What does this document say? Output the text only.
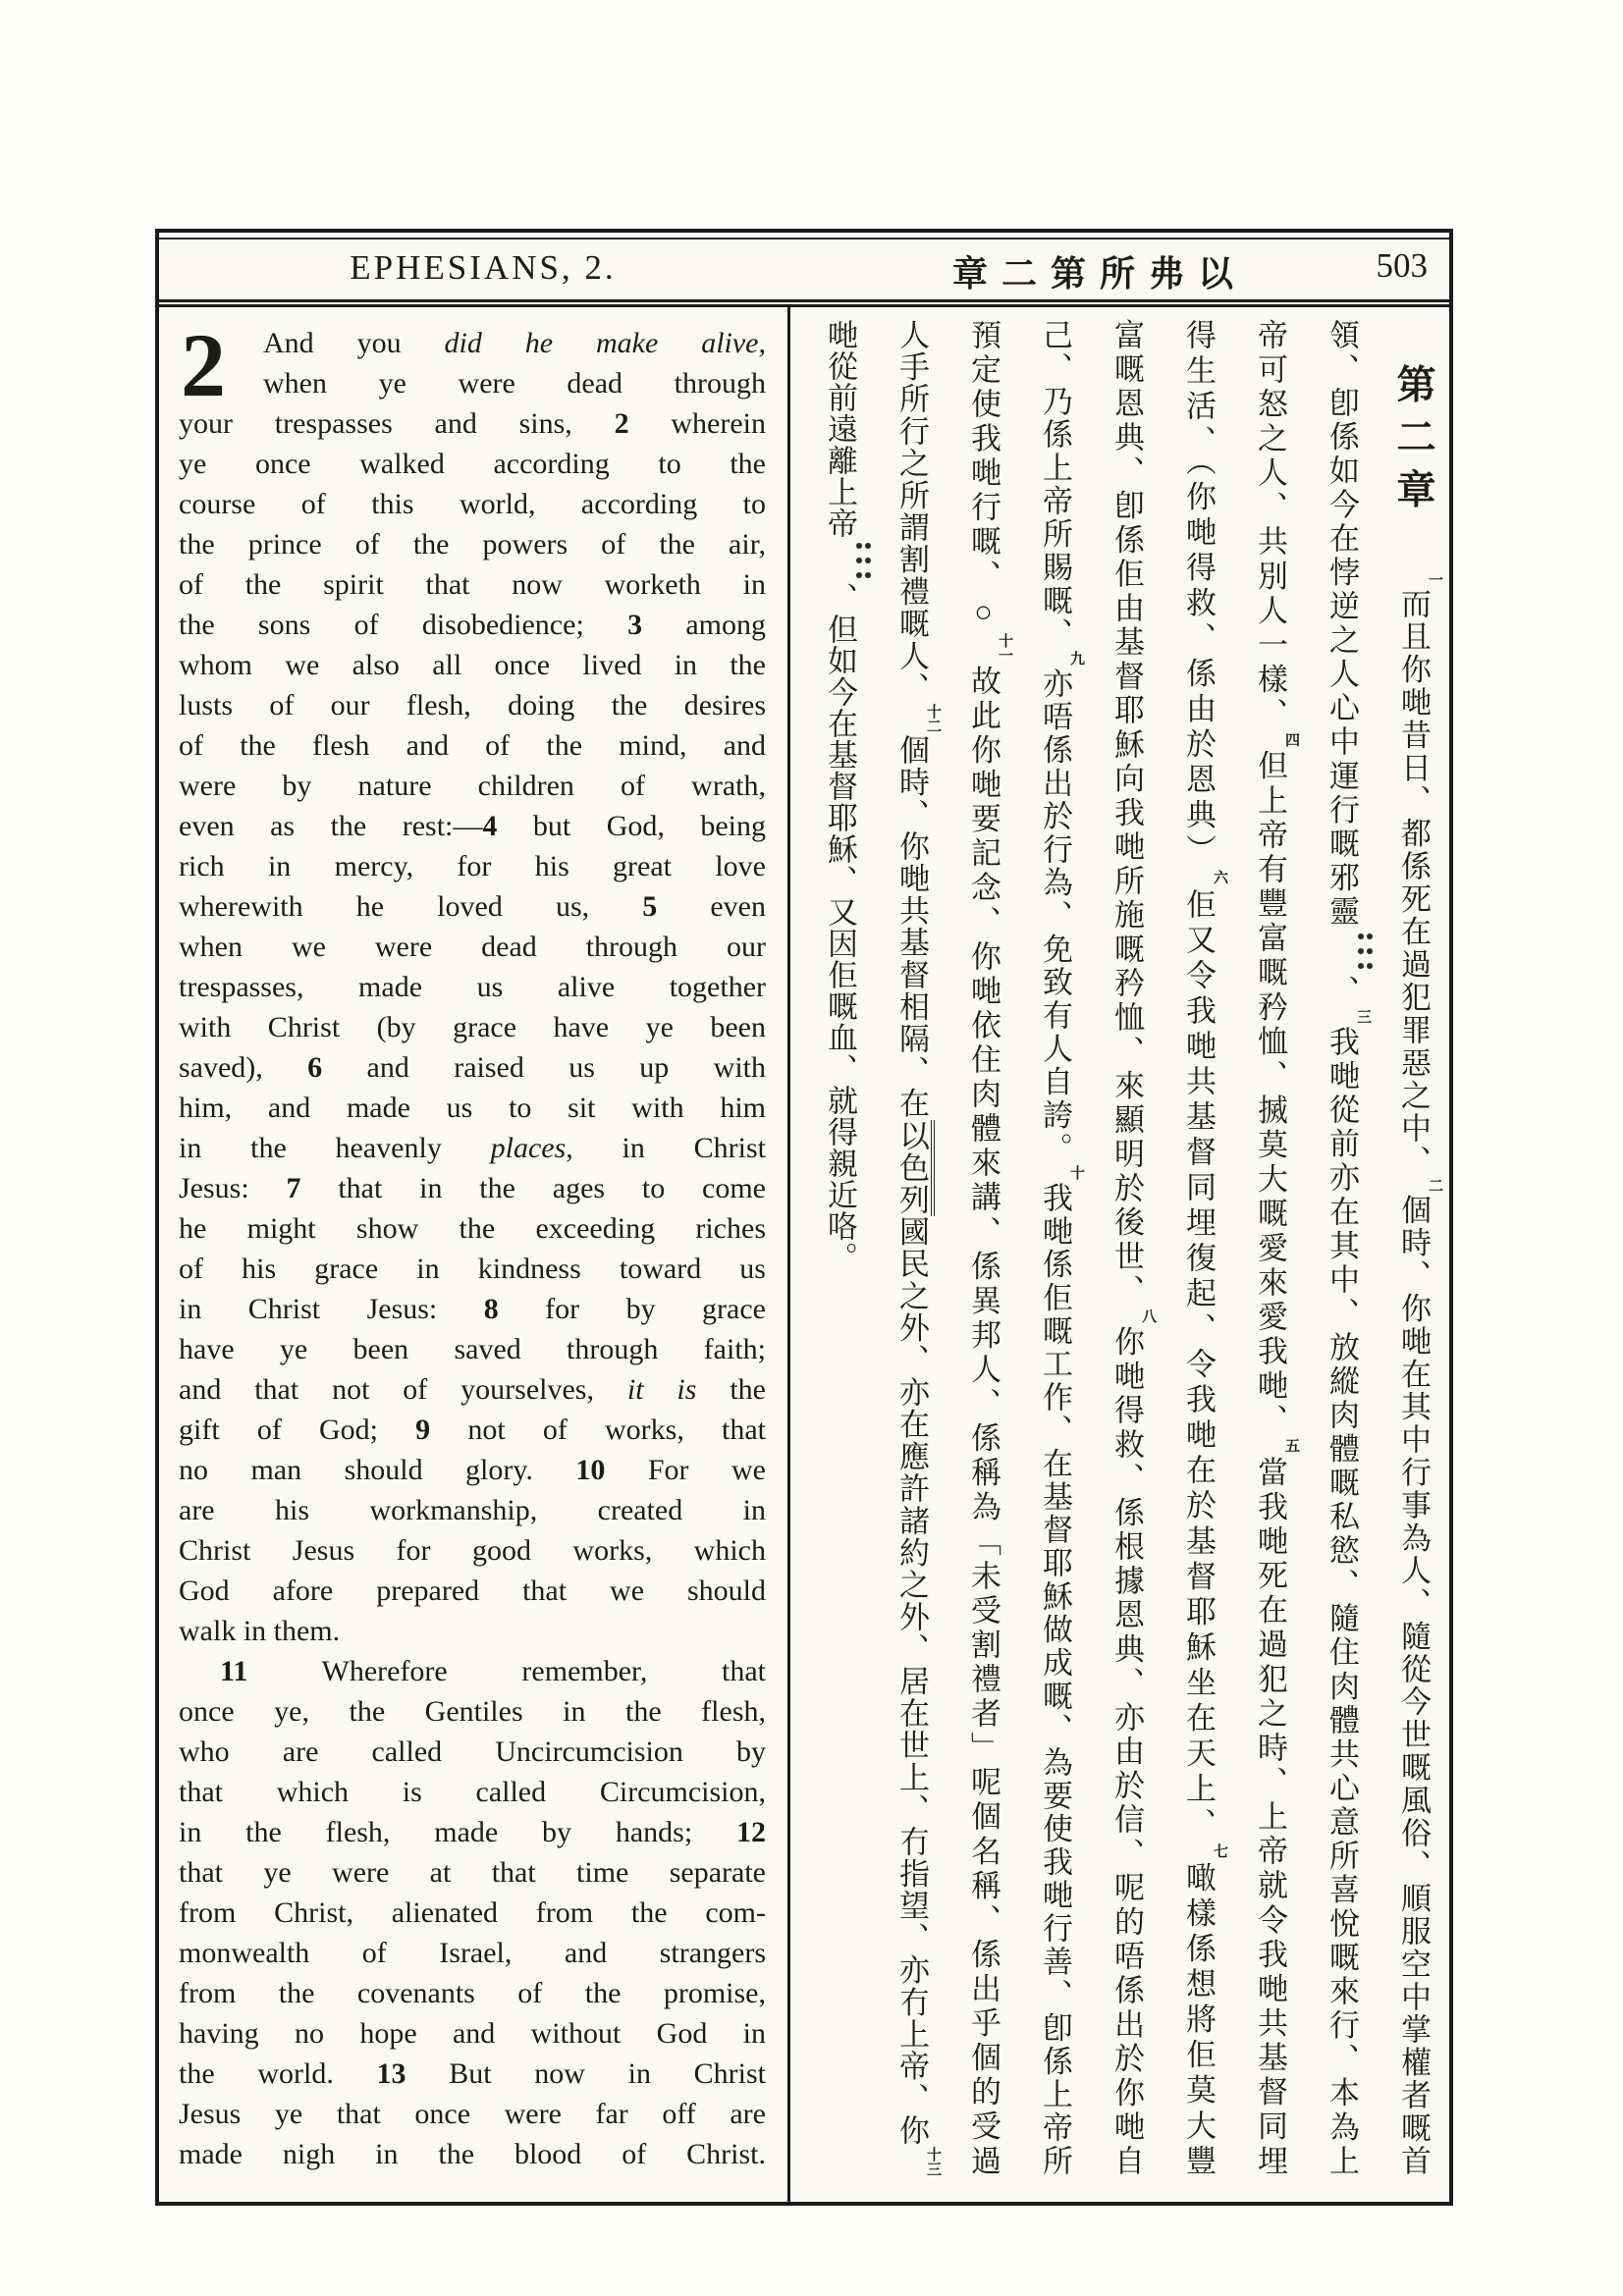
EPHESIANS, 2.	章二第所弗以	503
2	And you did he make alive,
when ye were dead through
your trespasses and sins, 2 wherein
ye once walked according to the
course of this world, according to
the prince of the powers of the air,
of the spirit that now worketh in
the sons of disobedience; 3 among
whom we also all once lived in the
lusts of our flesh, doing the desires
of the flesh and of the mind, and
were by nature children of wrath,
even as the rest:—4 but God, being
rich in mercy, for his great love
wherewith he loved us, 5 even
when we were dead through our
trespasses, made us alive together
with Christ (by grace have ye been
saved), 6 and raised us up with
him, and made us to sit with him
in the heavenly places, in Christ
Jesus: 7 that in the ages to come
he might show the exceeding riches
of his grace in kindness toward us
in Christ Jesus: 8 for by grace
have ye been saved through faith;
and that not of yourselves, it is the
gift of God; 9 not of works, that
no man should glory. 10 For we
are his workmanship, created in
Christ Jesus for good works, which
God afore prepared that we should
walk in them.
11 Wherefore remember, that
once ye, the Gentiles in the flesh,
who are called Uncircumcision by
that which is called Circumcision,
in the flesh, made by hands; 12
that ye were at that time separate
from Christ, alienated from the com-
monwealth of Israel, and strangers
from the covenants of the promise,
having no hope and without God in
the world. 13 But now in Christ
Jesus ye that once were far off are
made nigh in the blood of Christ.
第二章一而且你哋昔日、都係死在過犯罪惡之中、二個時、你哋在其中行事為人、隨從今世嘅風俗、順服空中掌權者嘅首
領、卽係如今在悖逆之人心中運行嘅邪靈、三我哋從前亦在其中、放縱肉體嘅私慾、隨住肉體共心意所喜悅嘅來行、本為上
帝可怒之人、共別人一樣、四但上帝有豐富嘅矜恤、搣莫大嘅愛來愛我哋、五當我哋死在過犯之時、上帝就令我哋共基督同埋
得生活、（你哋得救、係由於恩典）六佢又令我哋共基督同埋復起、令我哋在於基督耶穌坐在天上、七噉樣係想將佢莫大豐
富嘅恩典、卽係佢由基督耶穌向我哋所施嘅矜恤、來顯明於後世、八你哋得救、係根據恩典、亦由於信、呢的唔係出於你哋自
己、乃係上帝所賜嘅、九亦唔係出於行為、免致有人自誇。十我哋係佢嘅工作、在基督耶穌做成嘅、為要使我哋行善、卽係上帝所
預定使我哋行嘅、○十一故此你哋要記念、你哋依住肉體來講、係異邦人、係稱為「未受割禮者」呢個名稱、係出乎個的受過
人手所行之所謂割禮嘅人、十二個時、你哋共基督相隔、在以色列國民之外、亦在應許諸約之外、居在世上、冇指望、亦冇上帝、你十三
哋從前遠離上帝、但如今在基督耶穌、又因佢嘅血、就得親近咯。
